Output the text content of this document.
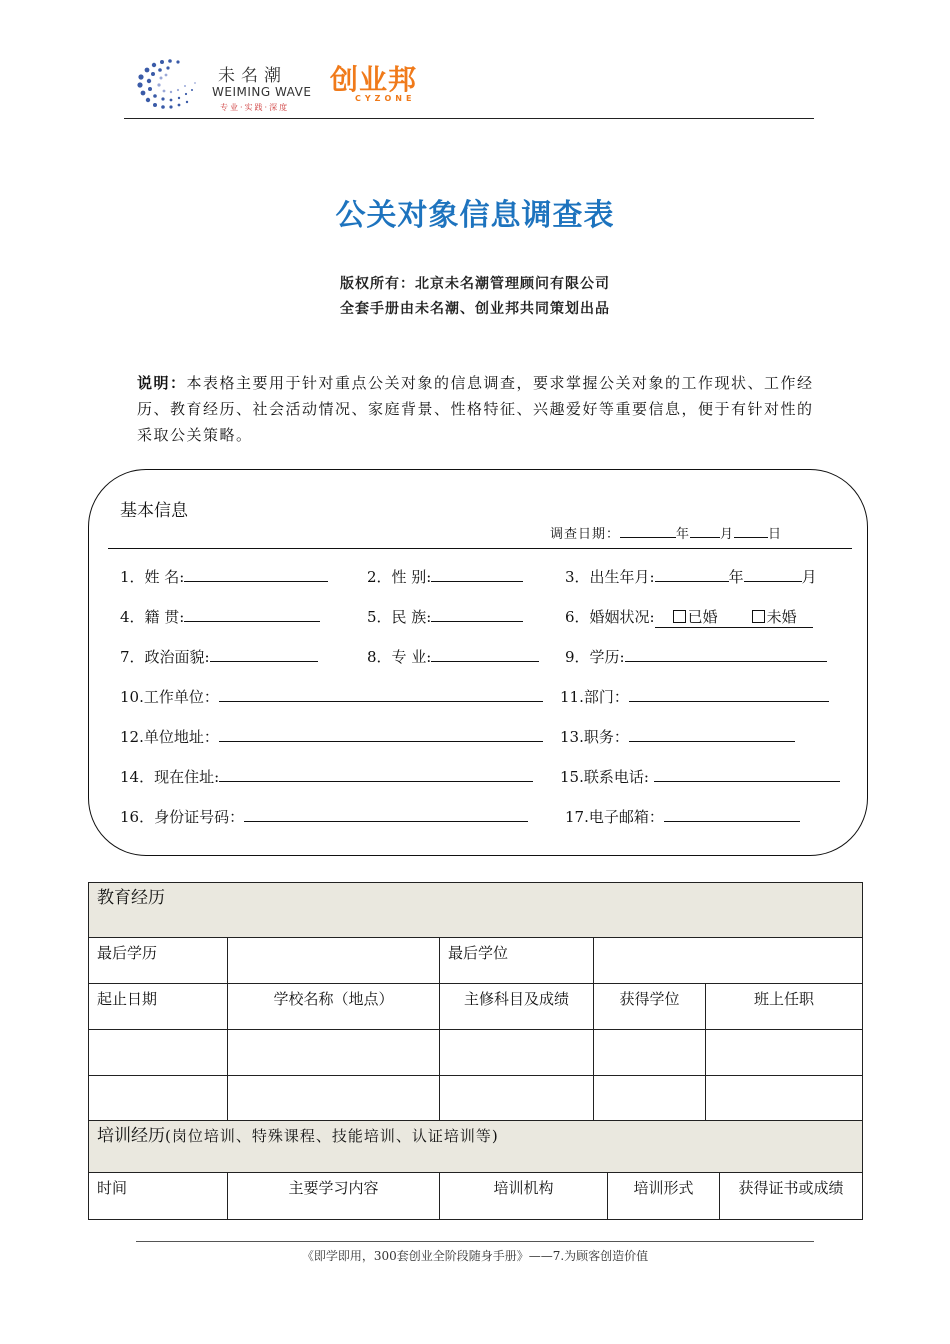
未名潮
WEIMING WAVE
专业·实践·深度
创业邦
CYZONE
公关对象信息调查表
版权所有：北京未名潮管理顾问有限公司
全套手册由未名潮、创业邦共同策划出品
说明：本表格主要用于针对重点公关对象的信息调查，要求掌握公关对象的工作现状、工作经历、教育经历、社会活动情况、家庭背景、性格特征、兴趣爱好等重要信息，便于有针对性的采取公关策略。
基本信息
调查日期：	年 月	日
1．姓 名:	2．性 别:	3．出生年月:	年	月
4．籍 贯:	5．民 族:	6．婚姻状况: 已婚	未婚
7．政治面貌:	8．专 业:	9．学历:
10.工作单位：	11.部门：
12.单位地址：	13.职务：
14．现在住址:	15.联系电话:
16．身份证号码：	17.电子邮箱：
教育经历				
最后学历		最后学位		
起止日期	学校名称（地点）	主修科目及成绩	获得学位	班上任职

培训经历(岗位培训、特殊课程、技能培训、认证培训等)
时间	主要学习内容	培训机构	培训形式	获得证书或成绩
《即学即用，300套创业全阶段随身手册》——7.为顾客创造价值
